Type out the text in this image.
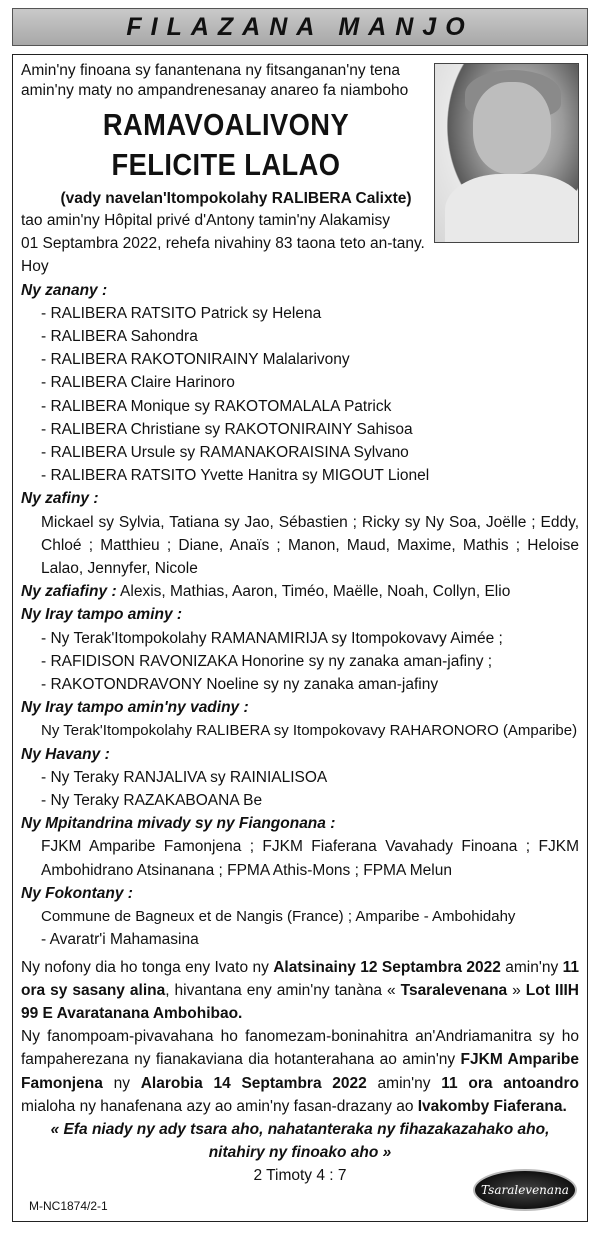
FILAZANA MANJO
Amin'ny finoana sy fanantenana ny fitsanganan'ny tena
amin'ny maty no ampandrenesanay anareo fa niamboho
RAMAVOALIVONY
FELICITE LALAO
(vady navelan'Itompokolahy RALIBERA Calixte)
tao amin'ny Hôpital privé d'Antony tamin'ny Alakamisy
01 Septambra 2022, rehefa nivahiny 83 taona teto an-tany.
Hoy
Ny zanany :
- RALIBERA RATSITO Patrick sy Helena
- RALIBERA Sahondra
- RALIBERA RAKOTONIRAINY Malalarivony
- RALIBERA Claire Harinoro
- RALIBERA Monique sy RAKOTOMALALA Patrick
- RALIBERA Christiane sy RAKOTONIRAINY Sahisoa
- RALIBERA Ursule sy RAMANAKORAISINA Sylvano
- RALIBERA RATSITO Yvette Hanitra sy MIGOUT Lionel
Ny zafiny :
Mickael sy Sylvia, Tatiana sy Jao, Sébastien ; Ricky sy Ny Soa, Joëlle ; Eddy, Chloé ; Matthieu ; Diane, Anaïs ; Manon, Maud, Maxime, Mathis ; Heloise Lalao, Jennyfer, Nicole
Ny zafiafiny : Alexis, Mathias, Aaron, Timéo, Maëlle, Noah, Collyn, Elio
Ny Iray tampo aminy :
- Ny Terak'Itompokolahy RAMANAMIRIJA sy Itompokovavy Aimée ;
- RAFIDISON RAVONIZAKA Honorine sy ny zanaka aman-jafiny ;
- RAKOTONDRAVONY Noeline sy ny zanaka aman-jafiny
Ny Iray tampo amin'ny vadiny :
Ny Terak'Itompokolahy RALIBERA sy Itompokovavy RAHARONORO (Amparibe)
Ny Havany :
- Ny Teraky RANJALIVA sy RAINIALISOA
- Ny Teraky RAZAKABOANA Be
Ny Mpitandrina mivady sy ny Fiangonana :
FJKM Amparibe Famonjena ; FJKM Fiaferana Vavahady Finoana ; FJKM Ambohidrano Atsinanana ; FPMA Athis-Mons ; FPMA Melun
Ny Fokontany :
Commune de Bagneux et de Nangis (France) ; Amparibe - Ambohidahy
- Avaratr'i Mahamasina
Ny nofony dia ho tonga eny Ivato ny Alatsinainy 12 Septambra 2022 amin'ny 11 ora sy sasany alina, hivantana eny amin'ny tanàna « Tsaralevenana » Lot IIIH 99 E Avaratanana Ambohibao.
Ny fanompoam-pivavahana ho fanomezam-boninahitra an'Andriamanitra sy ho fampaherezana ny fianakaviana dia hotanterahana ao amin'ny FJKM Amparibe Famonjena ny Alarobia 14 Septambra 2022 amin'ny 11 ora antoandro mialoha ny hanafenana azy ao amin'ny fasan-drazany ao Ivakomby Fiaferana.
« Efa niady ny ady tsara aho, nahatanteraka ny fihazakazahako aho,
nitahiry ny finoako aho »
2 Timoty 4 : 7
M-NC1874/2-1
Tsaralevenana
